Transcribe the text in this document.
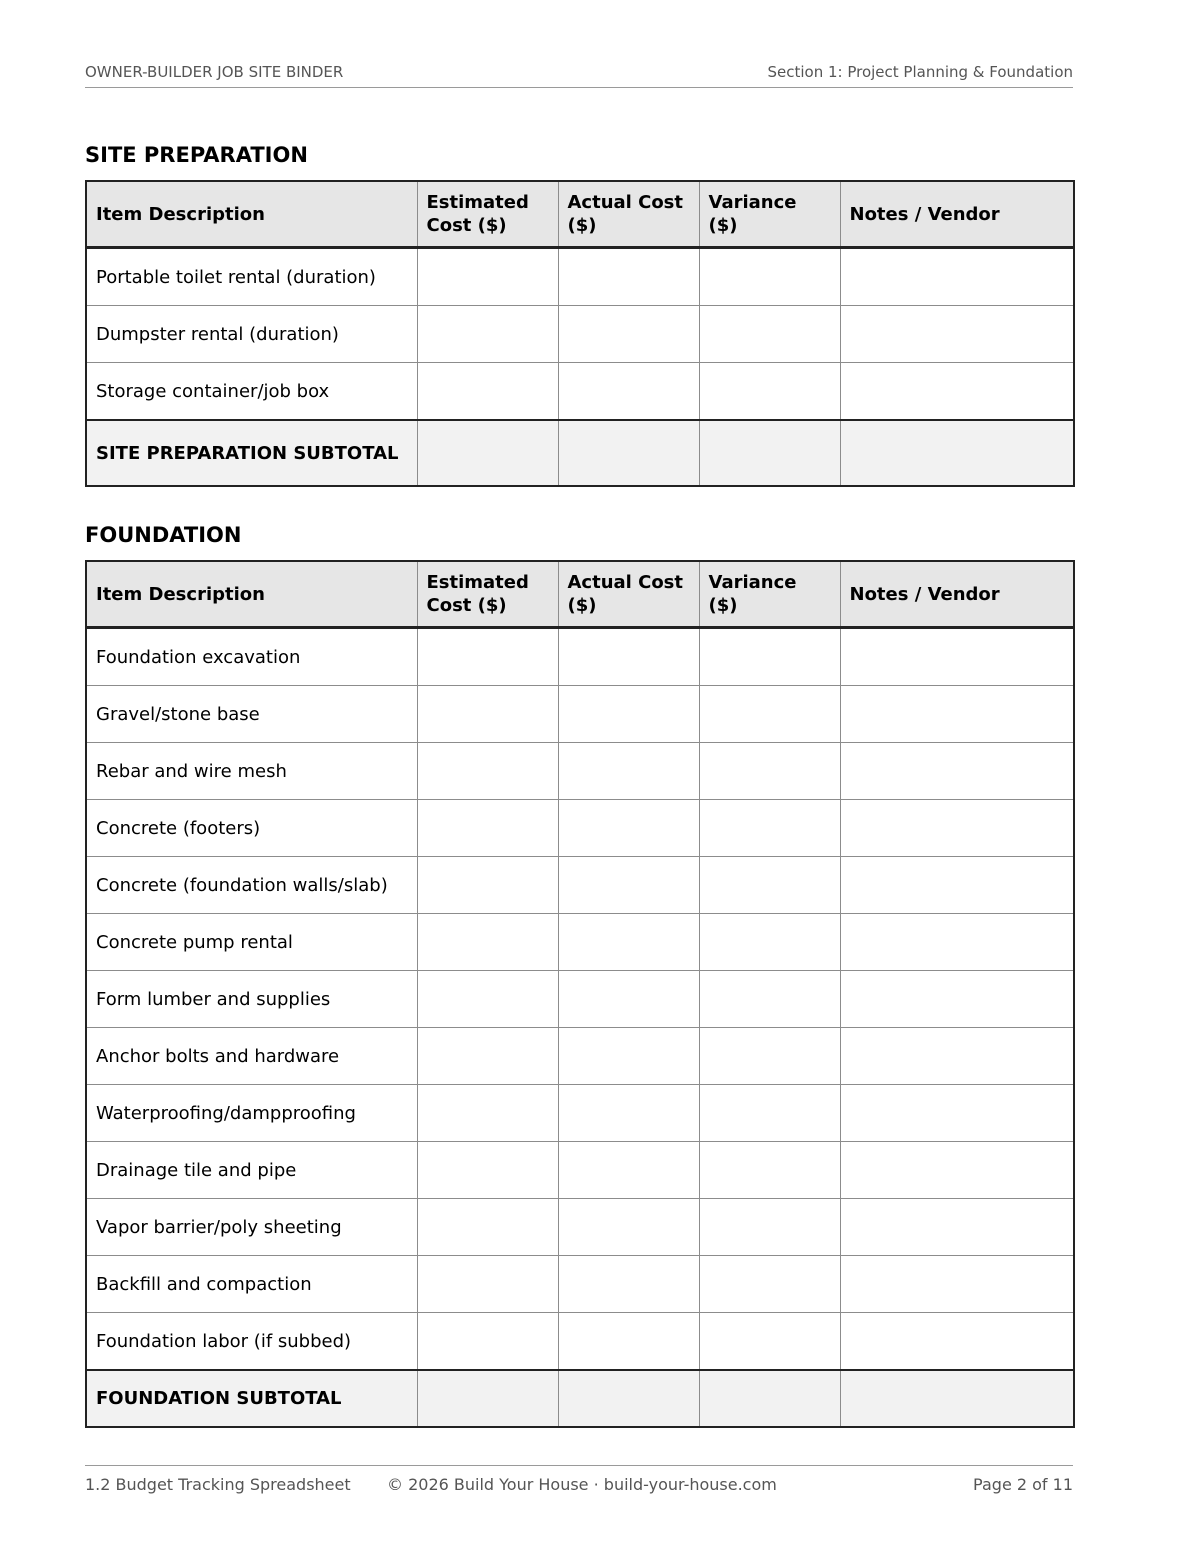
OWNER-BUILDER JOB SITE BINDER	Section 1: Project Planning & Foundation
SITE PREPARATION
Item Description	Estimated Cost ($)	Actual Cost ($)	Variance ($)	Notes / Vendor
Portable toilet rental (duration)				
Dumpster rental (duration)				
Storage container/job box				
SITE PREPARATION SUBTOTAL				
FOUNDATION
Item Description	Estimated Cost ($)	Actual Cost ($)	Variance ($)	Notes / Vendor
Foundation excavation				
Gravel/stone base				
Rebar and wire mesh				
Concrete (footers)				
Concrete (foundation walls/slab)				
Concrete pump rental				
Form lumber and supplies				
Anchor bolts and hardware				
Waterproofing/dampproofing				
Drainage tile and pipe				
Vapor barrier/poly sheeting				
Backfill and compaction				
Foundation labor (if subbed)				
FOUNDATION SUBTOTAL				
1.2 Budget Tracking Spreadsheet © 2026 Build Your House · build-your-house.com	Page 2 of 11
